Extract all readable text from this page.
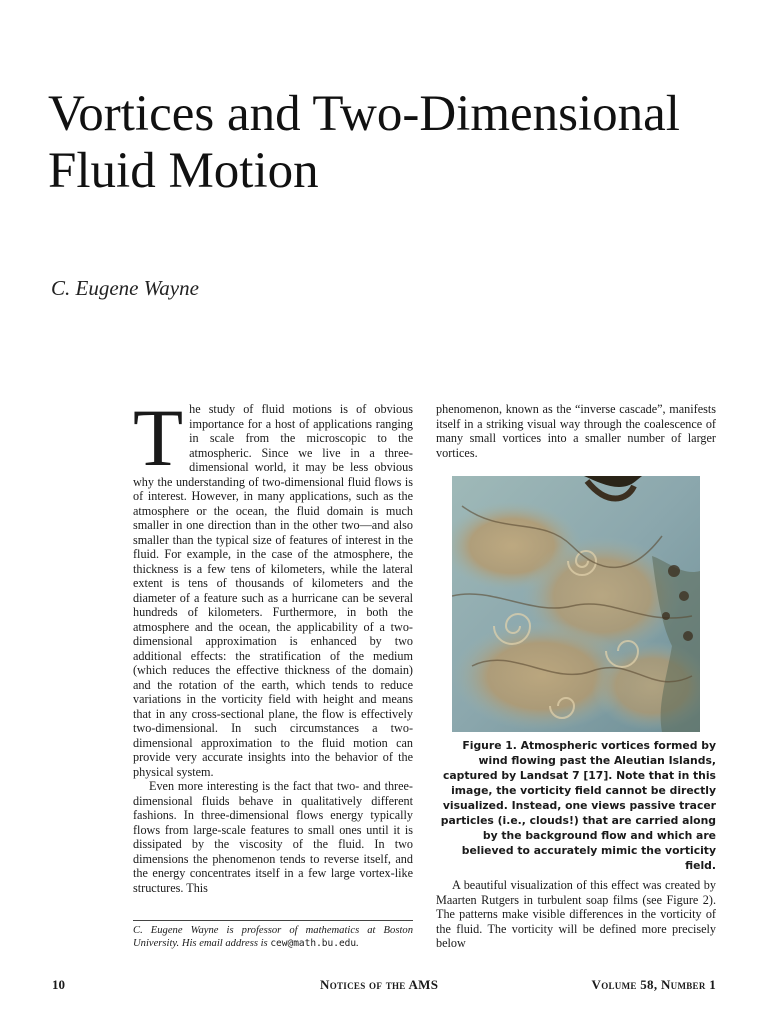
Vortices and Two-Dimensional Fluid Motion
C. Eugene Wayne

The study of fluid motions is of obvious importance for a host of applications ranging in scale from the microscopic to the atmospheric. Since we live in a three-dimensional world, it may be less obvious why the understanding of two-dimensional fluid flows is of interest. However, in many applications, such as the atmosphere or the ocean, the fluid domain is much smaller in one direction than in the other two—and also smaller than the typical size of features of interest in the fluid. For example, in the case of the atmosphere, the thickness is a few tens of kilometers, while the lateral extent is tens of thousands of kilometers and the diameter of a feature such as a hurricane can be several hundreds of kilometers. Furthermore, in both the atmosphere and the ocean, the applicability of a two-dimensional approximation is enhanced by two additional effects: the stratification of the medium (which reduces the effective thickness of the domain) and the rotation of the earth, which tends to reduce variations in the vorticity field with height and means that in any cross-sectional plane, the flow is effectively two-dimensional. In such circumstances a two-dimensional approximation to the fluid motion can provide very accurate insights into the behavior of the physical system.

Even more interesting is the fact that two- and three-dimensional fluids behave in qualitatively different fashions. In three-dimensional flows energy typically flows from large-scale features to small ones until it is dissipated by the viscosity of the fluid. In two dimensions the phenomenon tends to reverse itself, and the energy concentrates itself in a few large vortex-like structures. This

C. Eugene Wayne is professor of mathematics at Boston University. His email address is cew@math.bu.edu.

phenomenon, known as the “inverse cascade”, manifests itself in a striking visual way through the coalescence of many small vortices into a smaller number of larger vortices.

Figure 1. Atmospheric vortices formed by wind flowing past the Aleutian Islands, captured by Landsat 7 [17]. Note that in this image, the vorticity field cannot be directly visualized. Instead, one views passive tracer particles (i.e., clouds!) that are carried along by the background flow and which are believed to accurately mimic the vorticity field.

A beautiful visualization of this effect was created by Maarten Rutgers in turbulent soap films (see Figure 2). The patterns make visible differences in the vorticity of the fluid. The vorticity will be defined more precisely below

10	Notices of the AMS	Volume 58, Number 1
